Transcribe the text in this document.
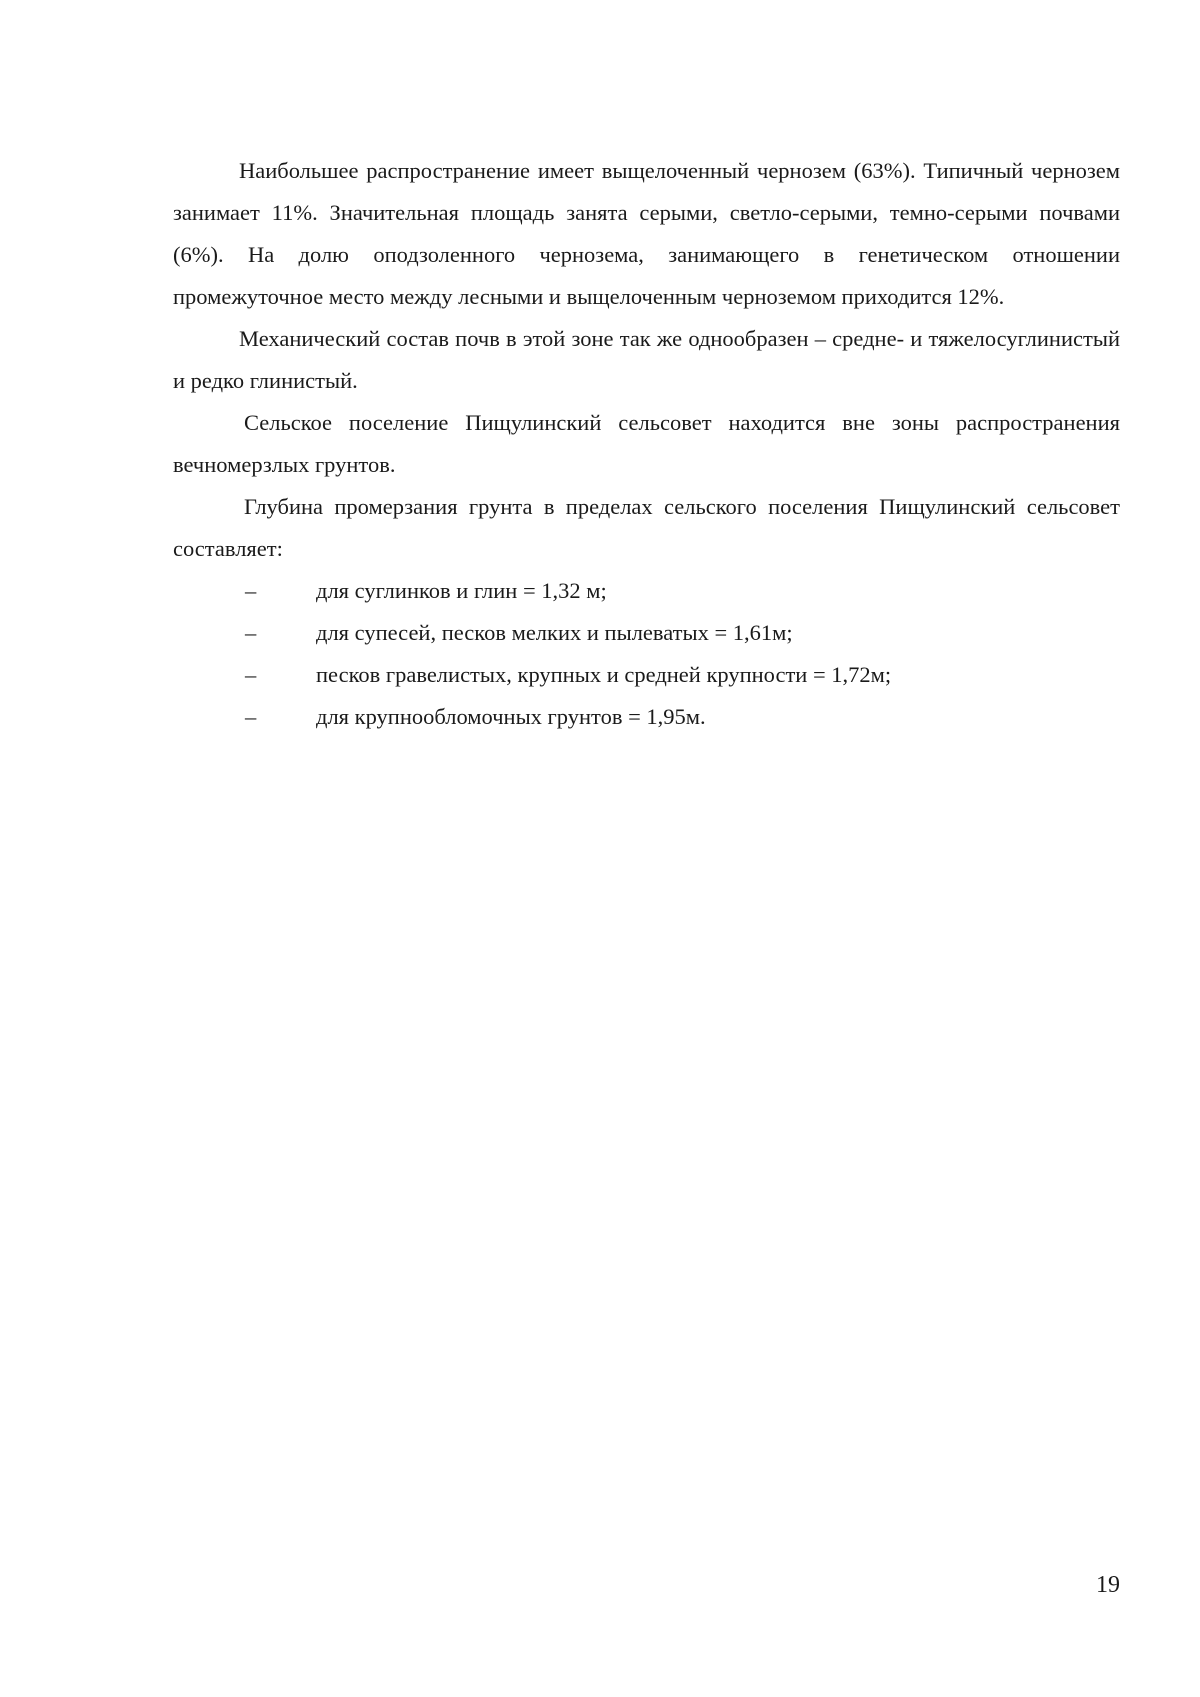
Наибольшее распространение имеет выщелоченный чернозем (63%). Типичный чернозем занимает 11%. Значительная площадь занята серыми, светло-серыми, темно-серыми почвами (6%). На долю оподзоленного чернозема, занимающего в генетическом отношении промежуточное место между лесными и выщелоченным черноземом приходится 12%.

Механический состав почв в этой зоне так же однообразен – средне- и тяжелосуглинистый и редко глинистый.

Сельское поселение Пищулинский сельсовет находится вне зоны распространения вечномерзлых грунтов.

Глубина промерзания грунта в пределах сельского поселения Пищулинский сельсовет составляет:

–	для суглинков и глин = 1,32 м;
–	для супесей, песков мелких и пылеватых = 1,61м;
–	песков гравелистых, крупных и средней крупности = 1,72м;
–	для крупнообломочных грунтов = 1,95м.
19
